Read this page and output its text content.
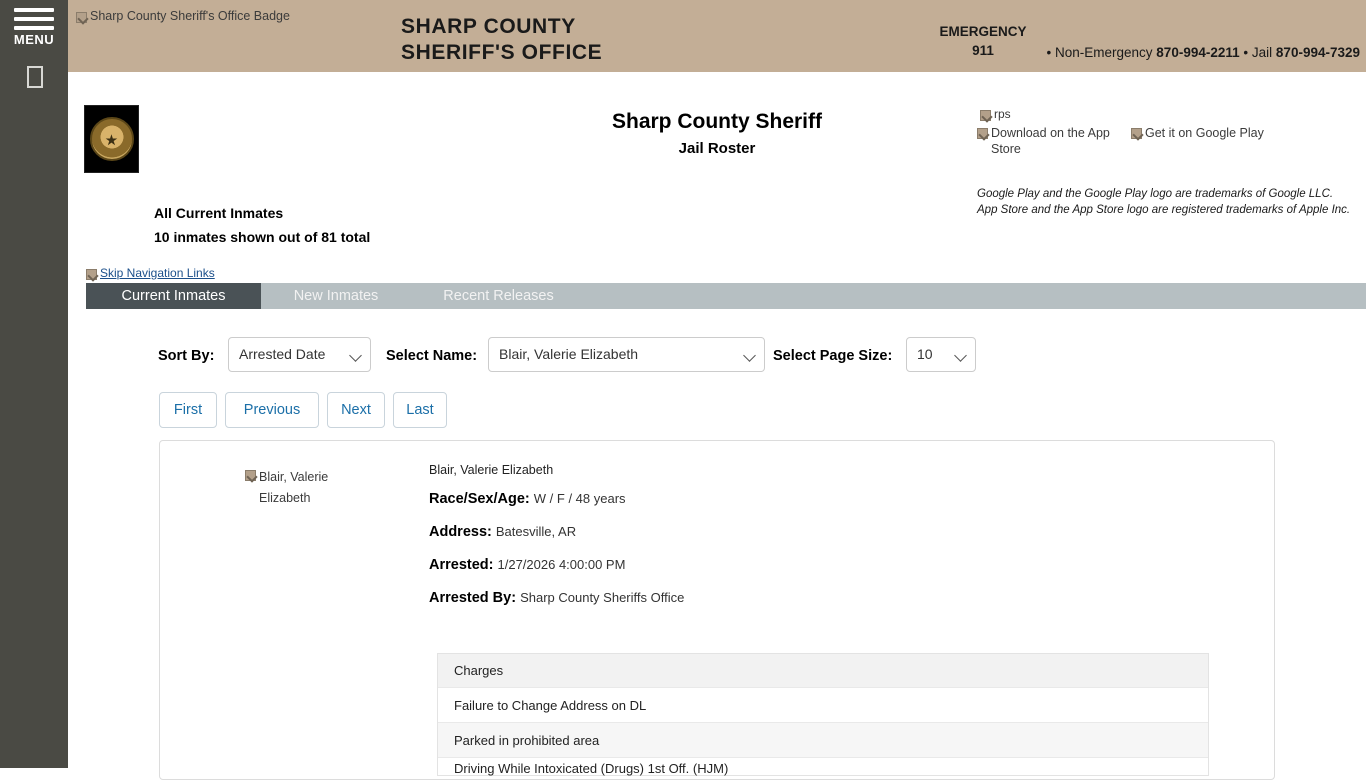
MENU
Sharp County Sheriff's Office Badge	SHARP COUNTY
SHERIFF'S OFFICE
EMERGENCY
911	• Non-Emergency 870-994-2211 • Jail 870-994-7329
★
Sharp County Sheriff
Jail Roster
rps
Download on the App Store
Get it on Google Play
Google Play and the Google Play logo are trademarks of Google LLC.
App Store and the App Store logo are registered trademarks of Apple Inc.
All Current Inmates
10 inmates shown out of 81 total
Skip Navigation Links
Current Inmates	New Inmates	Recent Releases
Sort By:	Arrested Date	Select Name:	Blair, Valerie Elizabeth	Select Page Size:	10
First	Previous	Next	Last
Blair, Valerie
Elizabeth
Blair, Valerie Elizabeth
Race/Sex/Age: W / F / 48 years
Address: Batesville, AR
Arrested: 1/27/2026 4:00:00 PM
Arrested By: Sharp County Sheriffs Office
Charges
Failure to Change Address on DL
Parked in prohibited area
Driving While Intoxicated (Drugs) 1st Off. (HJM)
